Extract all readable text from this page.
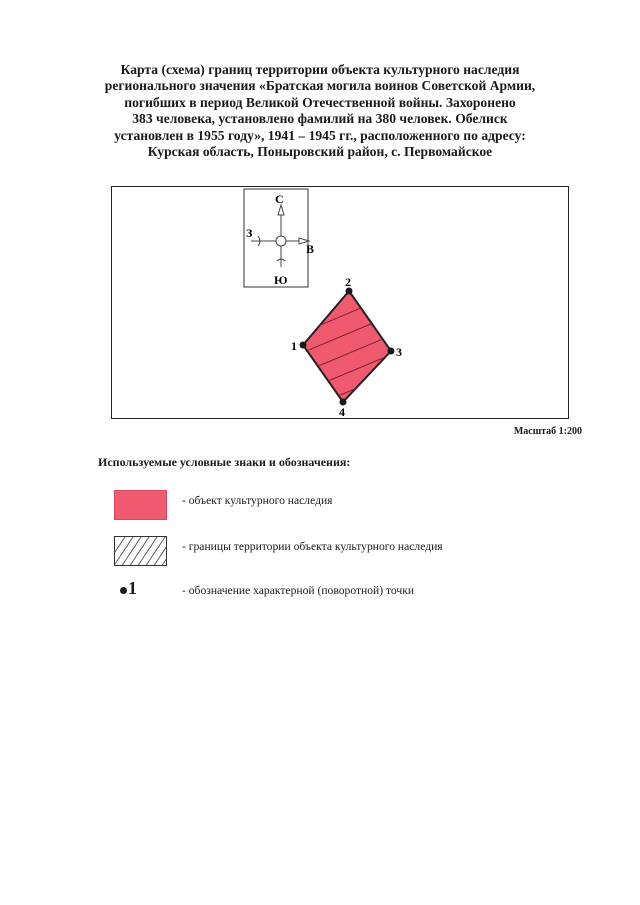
Карта (схема) границ территории объекта культурного наследия
регионального значения «Братская могила воинов Советской Армии,
погибших в период Великой Отечественной войны. Захоронено
383 человека, установлено фамилий на 380 человек. Обелиск
установлен в 1955 году», 1941 – 1945 гг., расположенного по адресу:
Курская область, Поныровский район, с. Первомайское
С
З
В
Ю
1
2
3
4
Масштаб 1:200
Используемые условные знаки и обозначения:
- объект культурного наследия
- границы территории объекта культурного наследия
1	- обозначение характерной (поворотной) точки
